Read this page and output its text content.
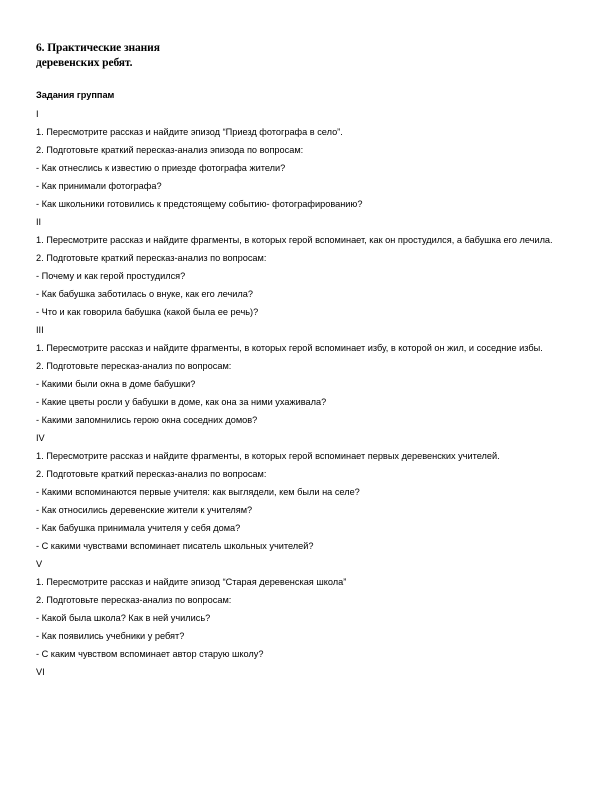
6. Практические знания
деревенских ребят.

Задания группам

I

1. Пересмотрите рассказ и найдите эпизод “Приезд фотографа в село”.

2. Подготовьте краткий пересказ-анализ эпизода по вопросам:

- Как отнеслись к известию о приезде фотографа жители?

- Как принимали фотографа?

- Как школьники готовились к предстоящему событию- фотографированию?

II

1. Пересмотрите рассказ и найдите фрагменты, в которых герой вспоминает, как он простудился, а бабушка его лечила.

2. Подготовьте краткий пересказ-анализ по вопросам:

- Почему и как герой простудился?

- Как бабушка заботилась о внуке, как его лечила?

- Что и как говорила бабушка (какой была ее речь)?

III

1. Пересмотрите рассказ и найдите фрагменты, в которых герой вспоминает избу, в которой он жил, и соседние избы.

2. Подготовьте пересказ-анализ по вопросам:

- Какими были окна в доме бабушки?

- Какие цветы росли у бабушки в доме, как она за ними ухаживала?

- Какими запомнились герою окна соседних домов?

IV

1. Пересмотрите рассказ и найдите фрагменты, в которых герой вспоминает первых деревенских учителей.

2. Подготовьте краткий пересказ-анализ по вопросам:

- Какими вспоминаются первые учителя: как выглядели, кем были на селе?

- Как относились деревенские жители к учителям?

- Как бабушка принимала учителя у себя дома?

- С какими чувствами вспоминает писатель школьных учителей?

V

1. Пересмотрите рассказ и найдите эпизод “Старая деревенская школа”

2. Подготовьте пересказ-анализ по вопросам:

- Какой была школа? Как в ней учились?

- Как появились учебники у ребят?

- С каким чувством вспоминает автор старую школу?

VI
